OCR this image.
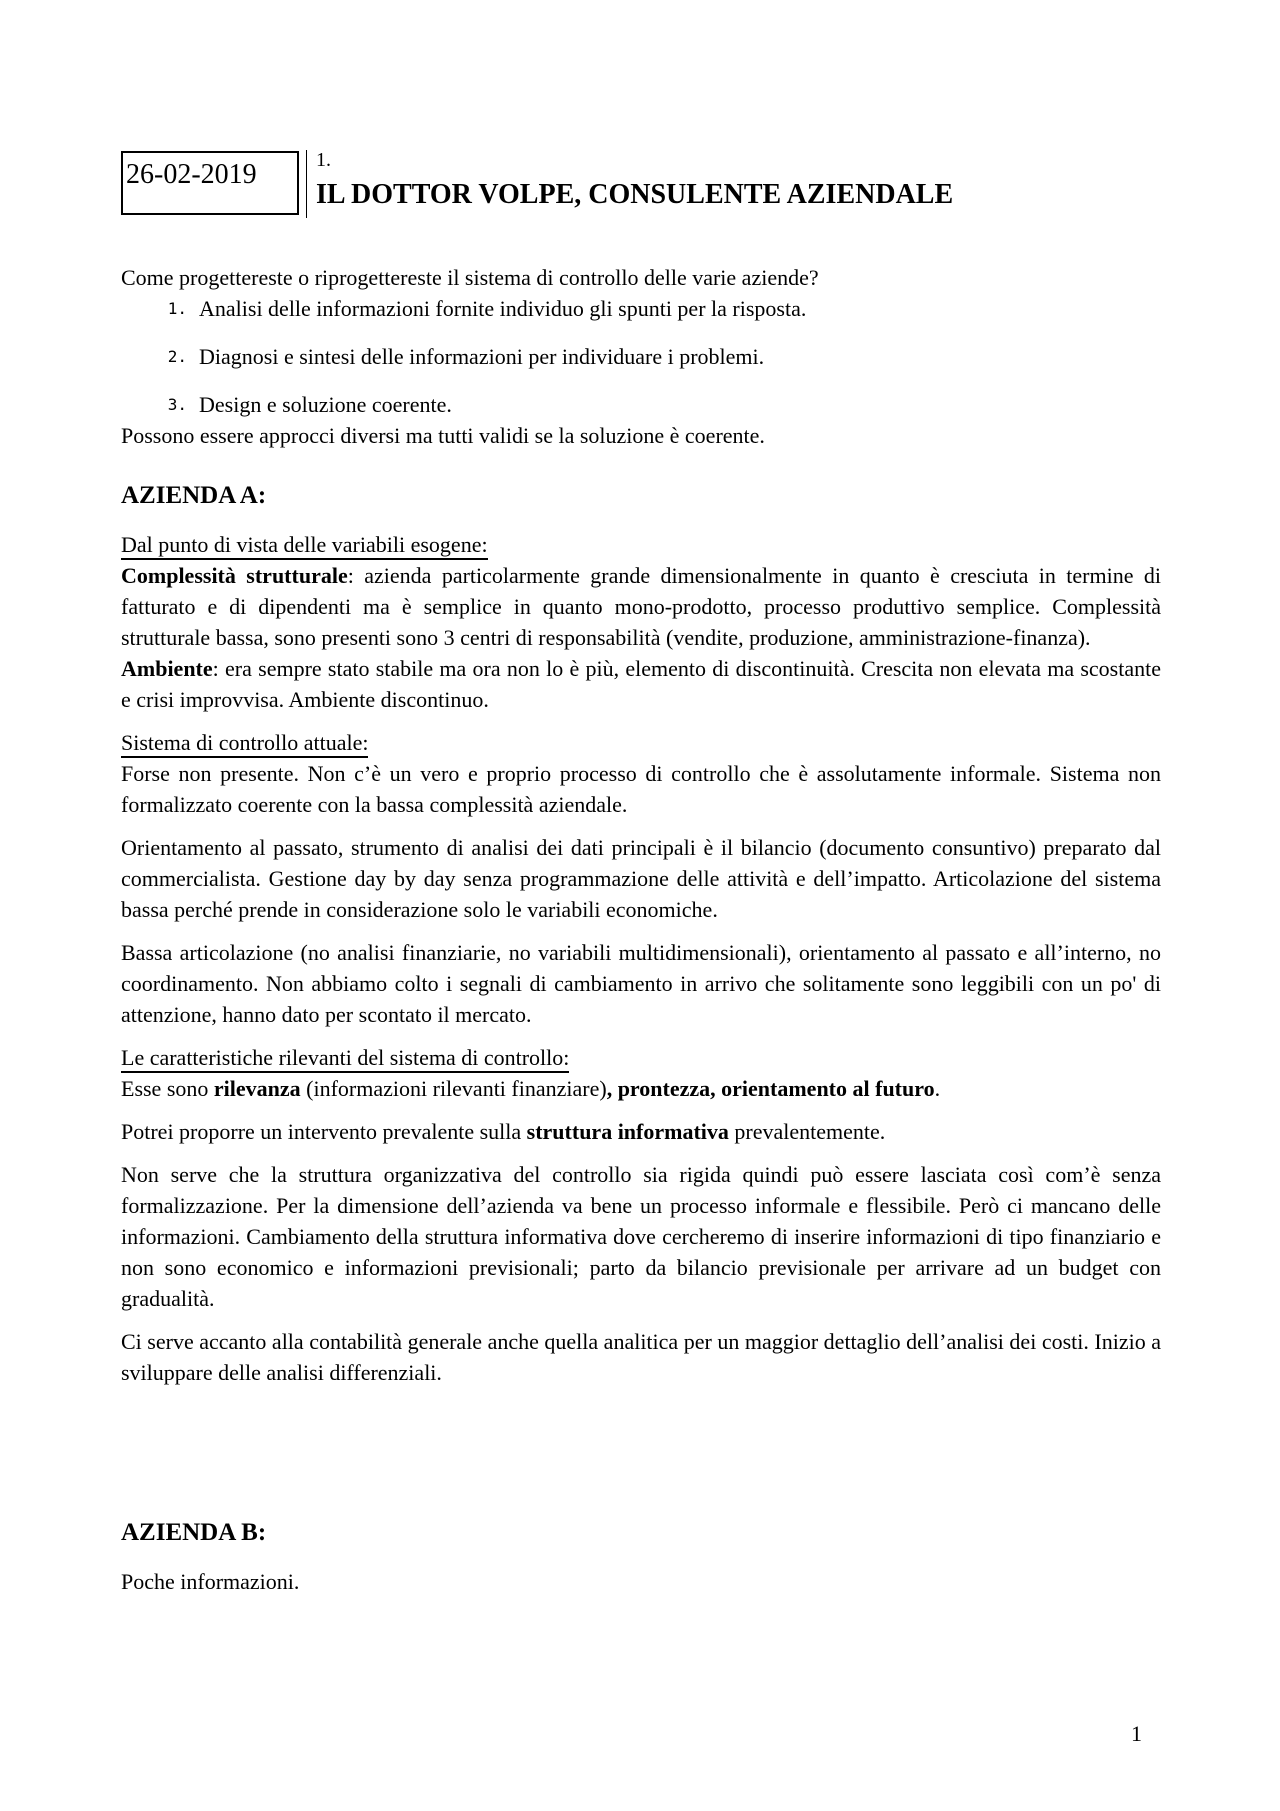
26-02-2019	1.
IL DOTTOR VOLPE, CONSULENTE AZIENDALE

Come progettereste o riprogettereste il sistema di controllo delle varie aziende?

1. Analisi delle informazioni fornite individuo gli spunti per la risposta.
2. Diagnosi e sintesi delle informazioni per individuare i problemi.
3. Design e soluzione coerente.

Possono essere approcci diversi ma tutti validi se la soluzione è coerente.

AZIENDA A:

Dal punto di vista delle variabili esogene:

Complessità strutturale: azienda particolarmente grande dimensionalmente in quanto è cresciuta in termine di fatturato e di dipendenti ma è semplice in quanto mono-prodotto, processo produttivo semplice. Complessità strutturale bassa, sono presenti sono 3 centri di responsabilità (vendite, produzione, amministrazione-finanza).

Ambiente: era sempre stato stabile ma ora non lo è più, elemento di discontinuità. Crescita non elevata ma scostante e crisi improvvisa. Ambiente discontinuo.

Sistema di controllo attuale:

Forse non presente. Non c’è un vero e proprio processo di controllo che è assolutamente informale. Sistema non formalizzato coerente con la bassa complessità aziendale.

Orientamento al passato, strumento di analisi dei dati principali è il bilancio (documento consuntivo) preparato dal commercialista. Gestione day by day senza programmazione delle attività e dell’impatto. Articolazione del sistema bassa perché prende in considerazione solo le variabili economiche.

Bassa articolazione (no analisi finanziarie, no variabili multidimensionali), orientamento al passato e all’interno, no coordinamento. Non abbiamo colto i segnali di cambiamento in arrivo che solitamente sono leggibili con un po' di attenzione, hanno dato per scontato il mercato.

Le caratteristiche rilevanti del sistema di controllo:

Esse sono rilevanza (informazioni rilevanti finanziare), prontezza, orientamento al futuro.

Potrei proporre un intervento prevalente sulla struttura informativa prevalentemente.

Non serve che la struttura organizzativa del controllo sia rigida quindi può essere lasciata così com’è senza formalizzazione. Per la dimensione dell’azienda va bene un processo informale e flessibile. Però ci mancano delle informazioni. Cambiamento della struttura informativa dove cercheremo di inserire informazioni di tipo finanziario e non sono economico e informazioni previsionali; parto da bilancio previsionale per arrivare ad un budget con gradualità.

Ci serve accanto alla contabilità generale anche quella analitica per un maggior dettaglio dell’analisi dei costi. Inizio a sviluppare delle analisi differenziali.

AZIENDA B:

Poche informazioni.

1
